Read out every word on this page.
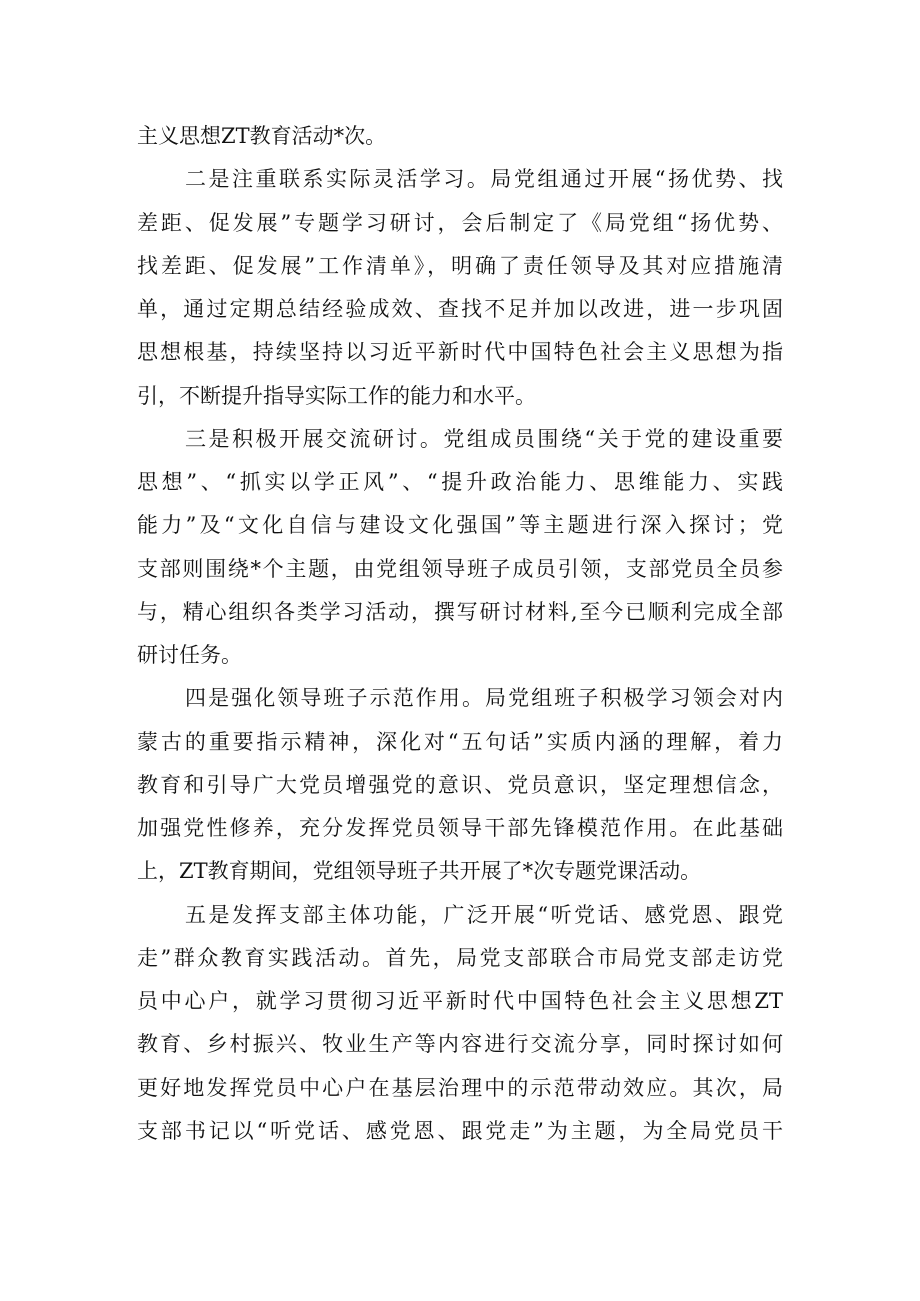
主义思想ZT教育活动*次。
二是注重联系实际灵活学习。局党组通过开展“扬优势、找
差距、促发展”专题学习研讨，会后制定了《局党组“扬优势、
找差距、促发展”工作清单》，明确了责任领导及其对应措施清
单，通过定期总结经验成效、查找不足并加以改进，进一步巩固
思想根基，持续坚持以习近平新时代中国特色社会主义思想为指
引，不断提升指导实际工作的能力和水平。
三是积极开展交流研讨。党组成员围绕“关于党的建设重要
思想”、“抓实以学正风”、“提升政治能力、思维能力、实践
能力”及“文化自信与建设文化强国”等主题进行深入探讨；党
支部则围绕*个主题，由党组领导班子成员引领，支部党员全员参
与，精心组织各类学习活动，撰写研讨材料,至今已顺利完成全部
研讨任务。
四是强化领导班子示范作用。局党组班子积极学习领会对内
蒙古的重要指示精神，深化对“五句话”实质内涵的理解，着力
教育和引导广大党员增强党的意识、党员意识，坚定理想信念，
加强党性修养，充分发挥党员领导干部先锋模范作用。在此基础
上，ZT教育期间，党组领导班子共开展了*次专题党课活动。
五是发挥支部主体功能，广泛开展“听党话、感党恩、跟党
走”群众教育实践活动。首先，局党支部联合市局党支部走访党
员中心户，就学习贯彻习近平新时代中国特色社会主义思想ZT
教育、乡村振兴、牧业生产等内容进行交流分享，同时探讨如何
更好地发挥党员中心户在基层治理中的示范带动效应。其次，局
支部书记以“听党话、感党恩、跟党走”为主题，为全局党员干
